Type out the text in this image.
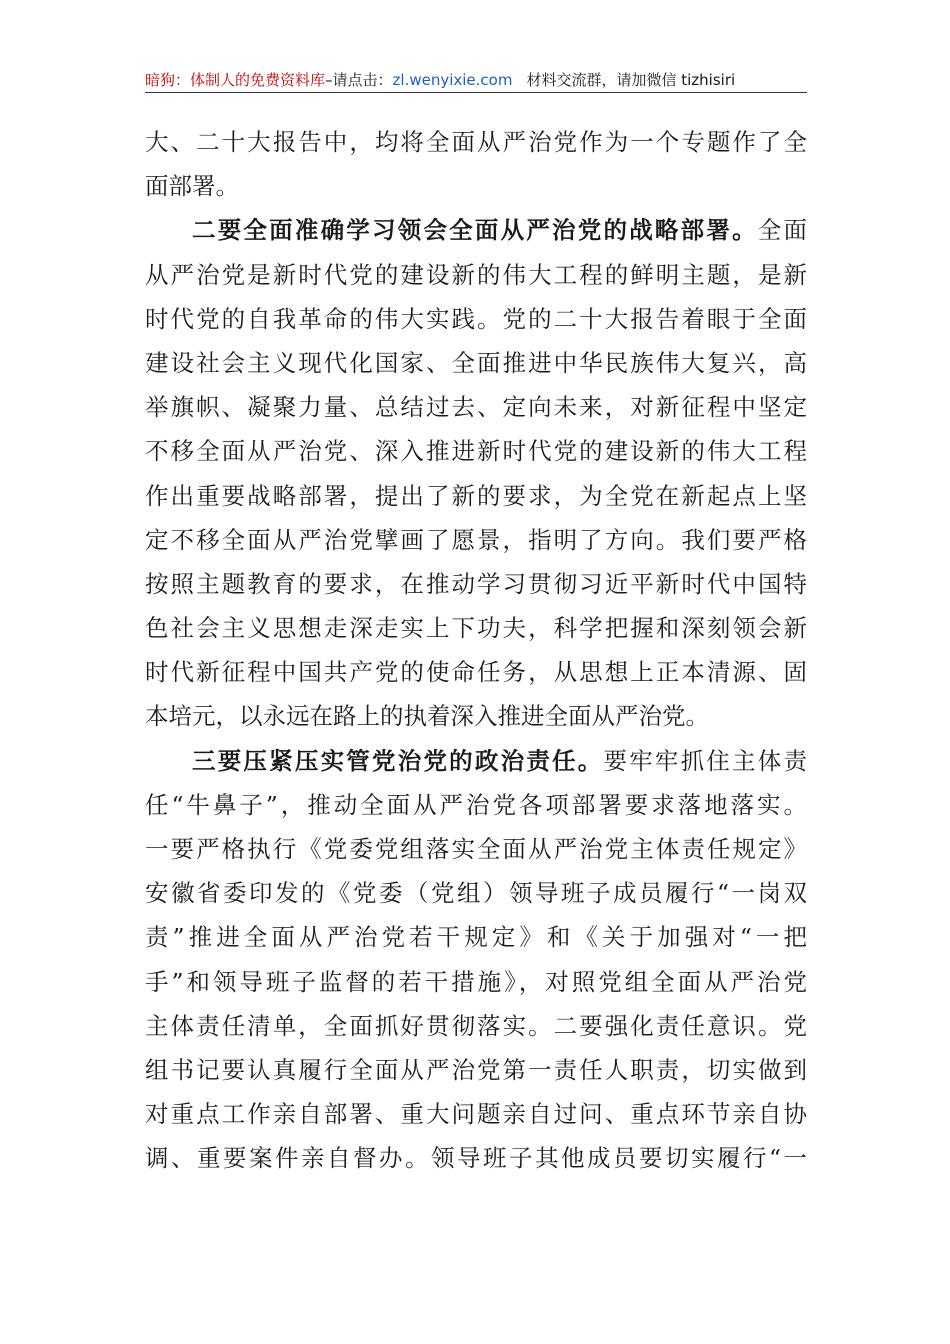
暗狗：体制人的免费资料库–请点击：zl.wenyixie.com 材料交流群，请加微信 tizhisiri
大、二十大报告中，均将全面从严治党作为一个专题作了全
面部署。
二要全面准确学习领会全面从严治党的战略部署。全面
从严治党是新时代党的建设新的伟大工程的鲜明主题，是新
时代党的自我革命的伟大实践。党的二十大报告着眼于全面
建设社会主义现代化国家、全面推进中华民族伟大复兴，高
举旗帜、凝聚力量、总结过去、定向未来，对新征程中坚定
不移全面从严治党、深入推进新时代党的建设新的伟大工程
作出重要战略部署，提出了新的要求，为全党在新起点上坚
定不移全面从严治党擘画了愿景，指明了方向。我们要严格
按照主题教育的要求，在推动学习贯彻习近平新时代中国特
色社会主义思想走深走实上下功夫，科学把握和深刻领会新
时代新征程中国共产党的使命任务，从思想上正本清源、固
本培元，以永远在路上的执着深入推进全面从严治党。
三要压紧压实管党治党的政治责任。要牢牢抓住主体责
任“牛鼻子”，推动全面从严治党各项部署要求落地落实。
一要严格执行《党委党组落实全面从严治党主体责任规定》
安徽省委印发的《党委（党组）领导班子成员履行“一岗双
责”推进全面从严治党若干规定》和《关于加强对“一把
手”和领导班子监督的若干措施》，对照党组全面从严治党
主体责任清单，全面抓好贯彻落实。二要强化责任意识。党
组书记要认真履行全面从严治党第一责任人职责，切实做到
对重点工作亲自部署、重大问题亲自过问、重点环节亲自协
调、重要案件亲自督办。领导班子其他成员要切实履行“一
